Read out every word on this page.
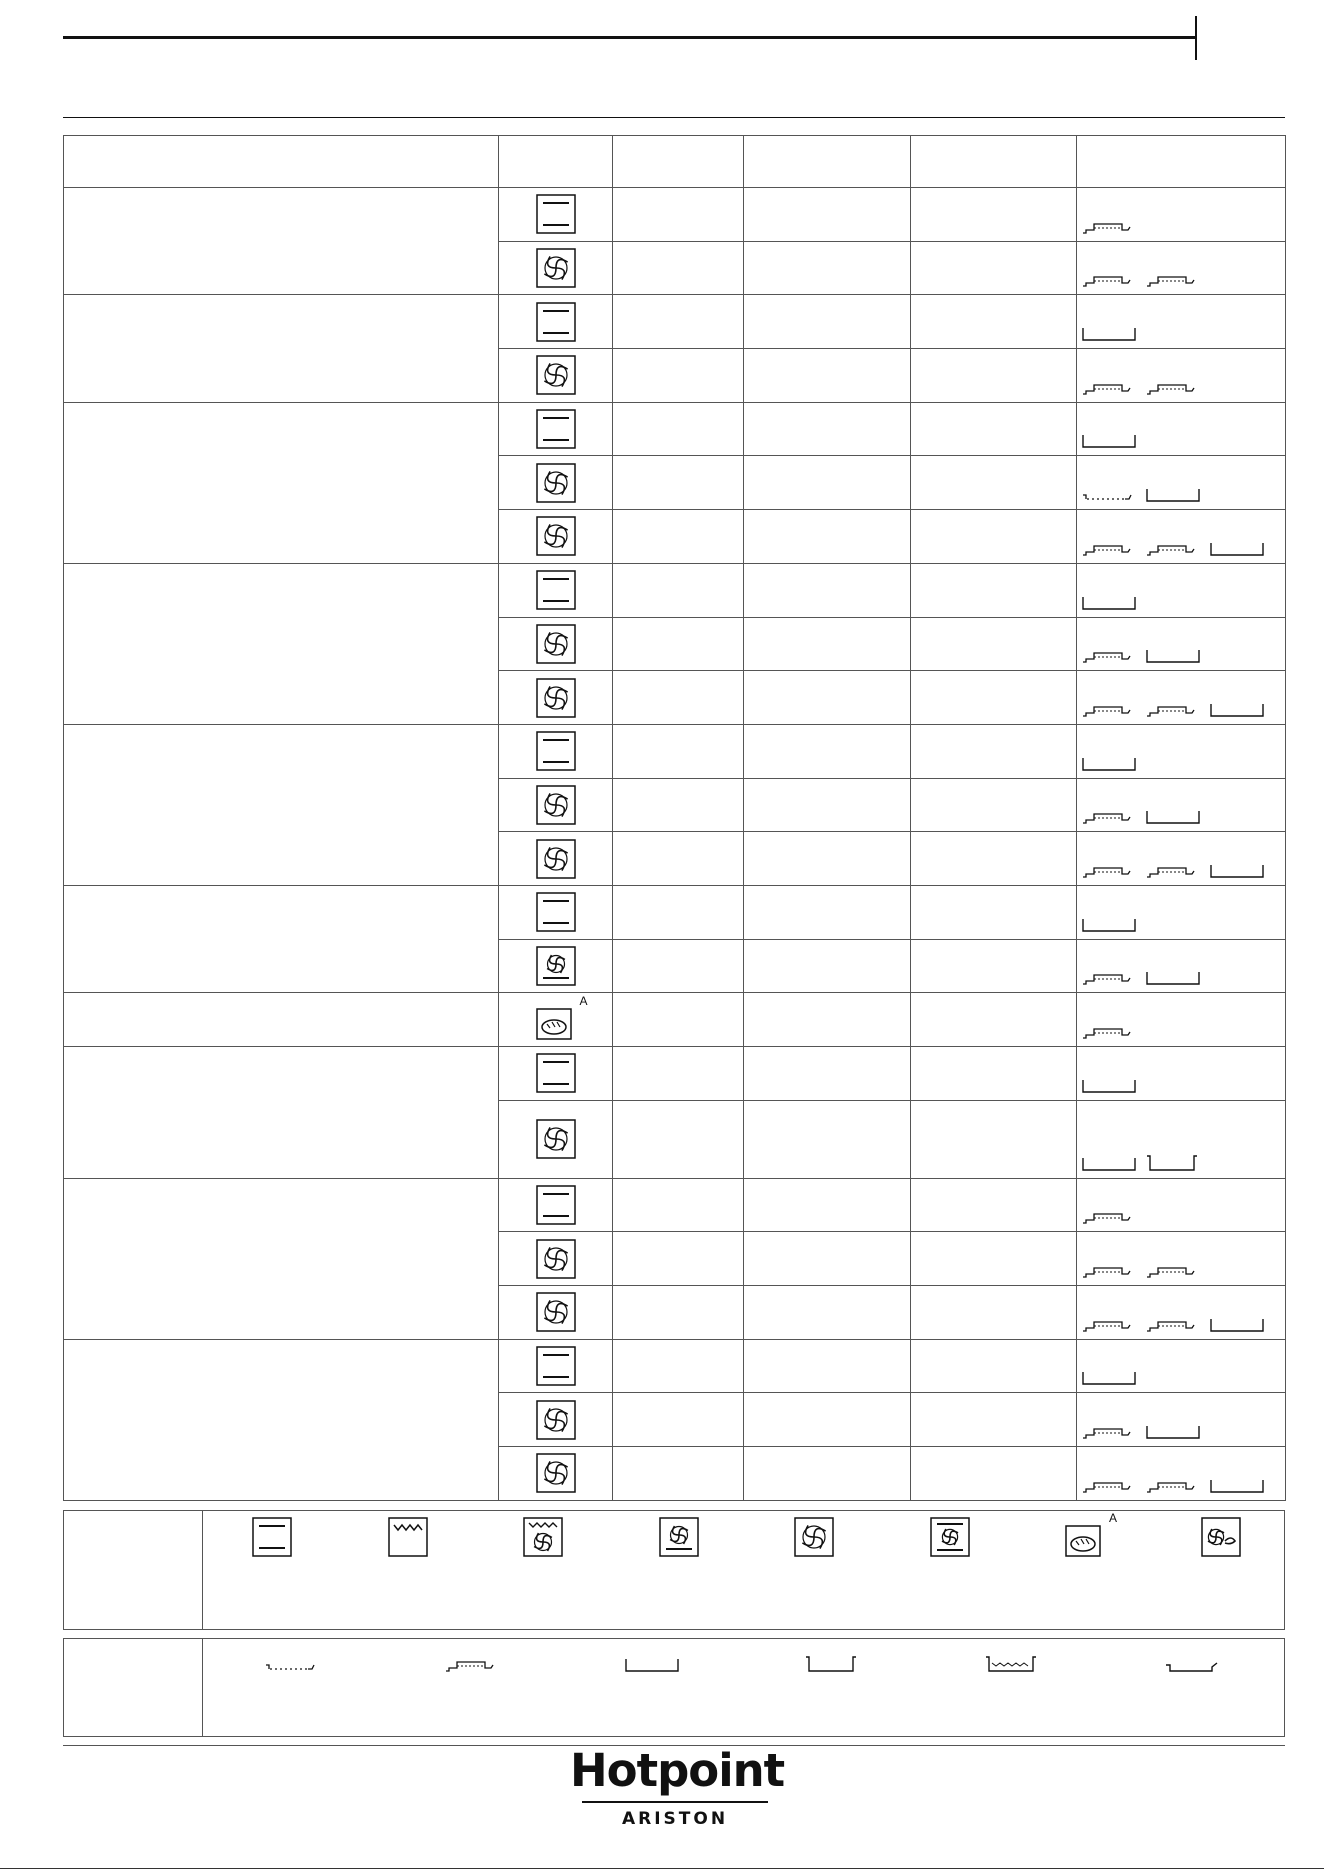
	A

A
Hotpoint
ARISTON
